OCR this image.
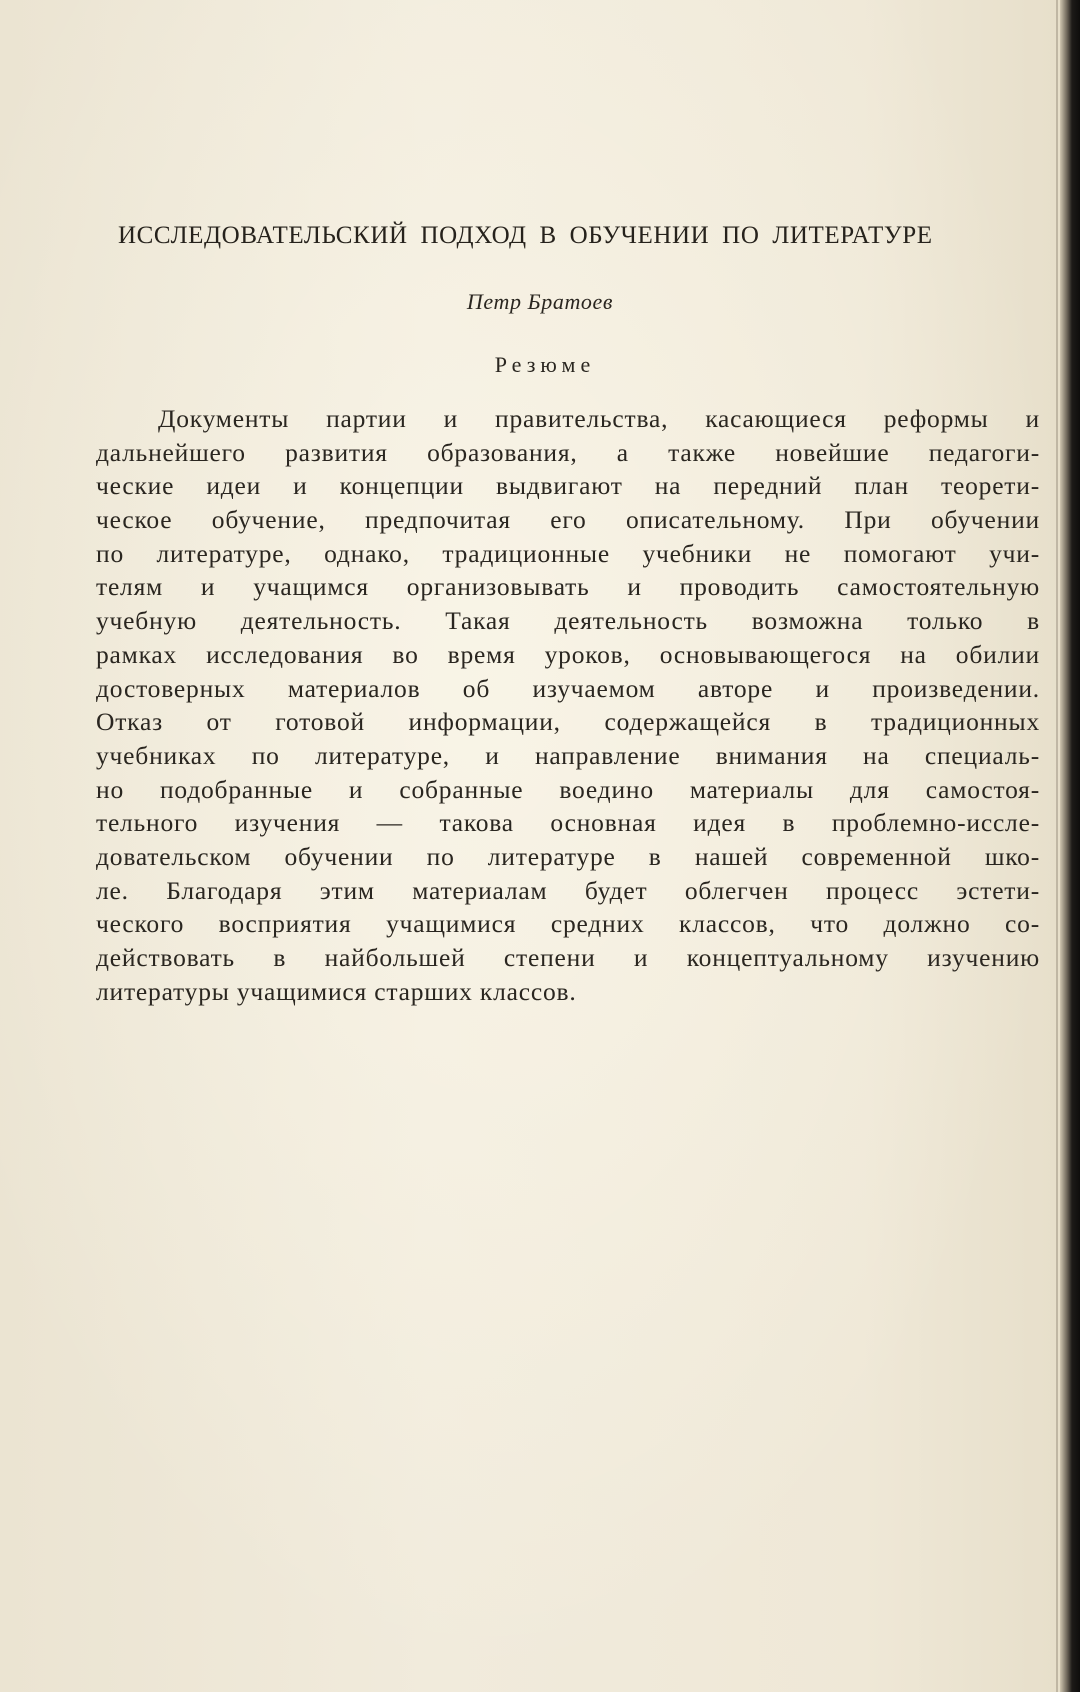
ИССЛЕДОВАТЕЛЬСКИЙ ПОДХОД В ОБУЧЕНИИ ПО ЛИТЕРАТУРЕ

Петр Братоев

Резюме

Документы партии и правительства, касающиеся реформы и
дальнейшего развития образования, а также новейшие педагоги-
ческие идеи и концепции выдвигают на передний план теорети-
ческое обучение, предпочитая его описательному. При обучении
по литературе, однако, традиционные учебники не помогают учи-
телям и учащимся организовывать и проводить самостоятельную
учебную деятельность. Такая деятельность возможна только в
рамках исследования во время уроков, основывающегося на обилии
достоверных материалов об изучаемом авторе и произведении.
Отказ от готовой информации, содержащейся в традиционных
учебниках по литературе, и направление внимания на специаль-
но подобранные и собранные воедино материалы для самостоя-
тельного изучения — такова основная идея в проблемно-иссле-
довательском обучении по литературе в нашей современной шко-
ле. Благодаря этим материалам будет облегчен процесс эстети-
ческого восприятия учащимися средних классов, что должно со-
действовать в найбольшей степени и концептуальному изучению
литературы учащимися старших классов.
